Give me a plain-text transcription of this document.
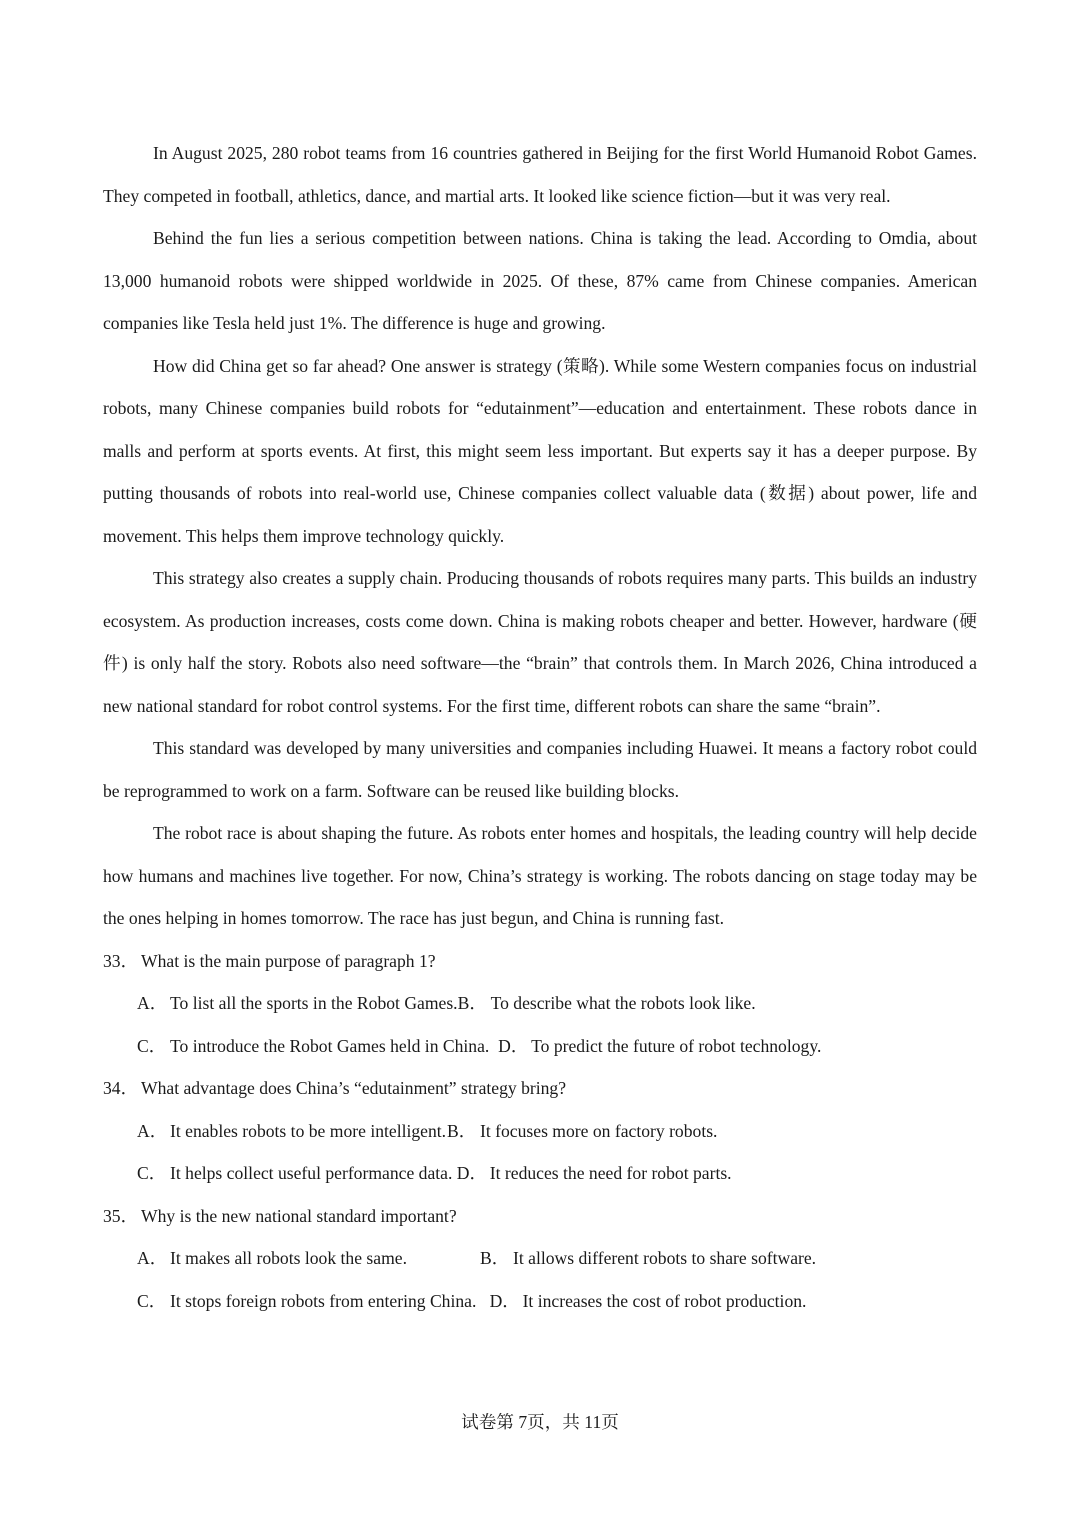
In August 2025, 280 robot teams from 16 countries gathered in Beijing for the first World Humanoid Robot Games. They competed in football, athletics, dance, and martial arts. It looked like science fiction—but it was very real.

Behind the fun lies a serious competition between nations. China is taking the lead. According to Omdia, about 13,000 humanoid robots were shipped worldwide in 2025. Of these, 87% came from Chinese companies. American companies like Tesla held just 1%. The difference is huge and growing.

How did China get so far ahead? One answer is strategy (策略). While some Western companies focus on industrial robots, many Chinese companies build robots for “edutainment”—education and entertainment. These robots dance in malls and perform at sports events. At first, this might seem less important. But experts say it has a deeper purpose. By putting thousands of robots into real-world use, Chinese companies collect valuable data (数据) about power, life and movement. This helps them improve technology quickly.

This strategy also creates a supply chain. Producing thousands of robots requires many parts. This builds an industry ecosystem. As production increases, costs come down. China is making robots cheaper and better. However, hardware (硬件) is only half the story. Robots also need software—the “brain” that controls them. In March 2026, China introduced a new national standard for robot control systems. For the first time, different robots can share the same “brain”.

This standard was developed by many universities and companies including Huawei. It means a factory robot could be reprogrammed to work on a farm. Software can be reused like building blocks.

The robot race is about shaping the future. As robots enter homes and hospitals, the leading country will help decide how humans and machines live together. For now, China’s strategy is working. The robots dancing on stage today may be the ones helping in homes tomorrow. The race has just begun, and China is running fast.

33． What is the main purpose of paragraph 1?

A． To list all the sports in the Robot Games.B． To describe what the robots look like.

C． To introduce the Robot Games held in China. D． To predict the future of robot technology.

34． What advantage does China’s “edutainment” strategy bring?

A． It enables robots to be more intelligent.B． It focuses more on factory robots.

C． It helps collect useful performance data. D． It reduces the need for robot parts.

35． Why is the new national standard important?

A． It makes all robots look the same.	B． It allows different robots to share software.

C． It stops foreign robots from entering China. D． It increases the cost of robot production.

试卷第 7页，共 11页
